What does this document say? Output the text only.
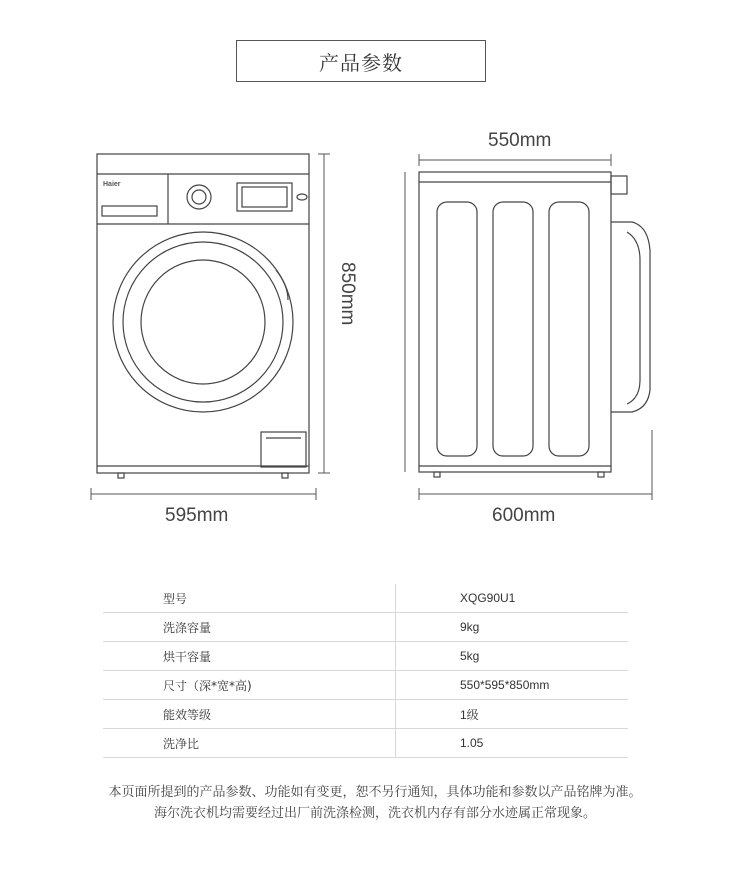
产品参数
Haier
595mm
850mm
550mm
600mm
型号	XQG90U1
洗涤容量	9kg
烘干容量	5kg
尺寸（深*宽*高)	550*595*850mm
能效等级	1级
洗净比	1.05
本页面所提到的产品参数、功能如有变更，恕不另行通知，具体功能和参数以产品铭牌为准。
海尔洗衣机均需要经过出厂前洗涤检测，洗衣机内存有部分水迹属正常现象。
